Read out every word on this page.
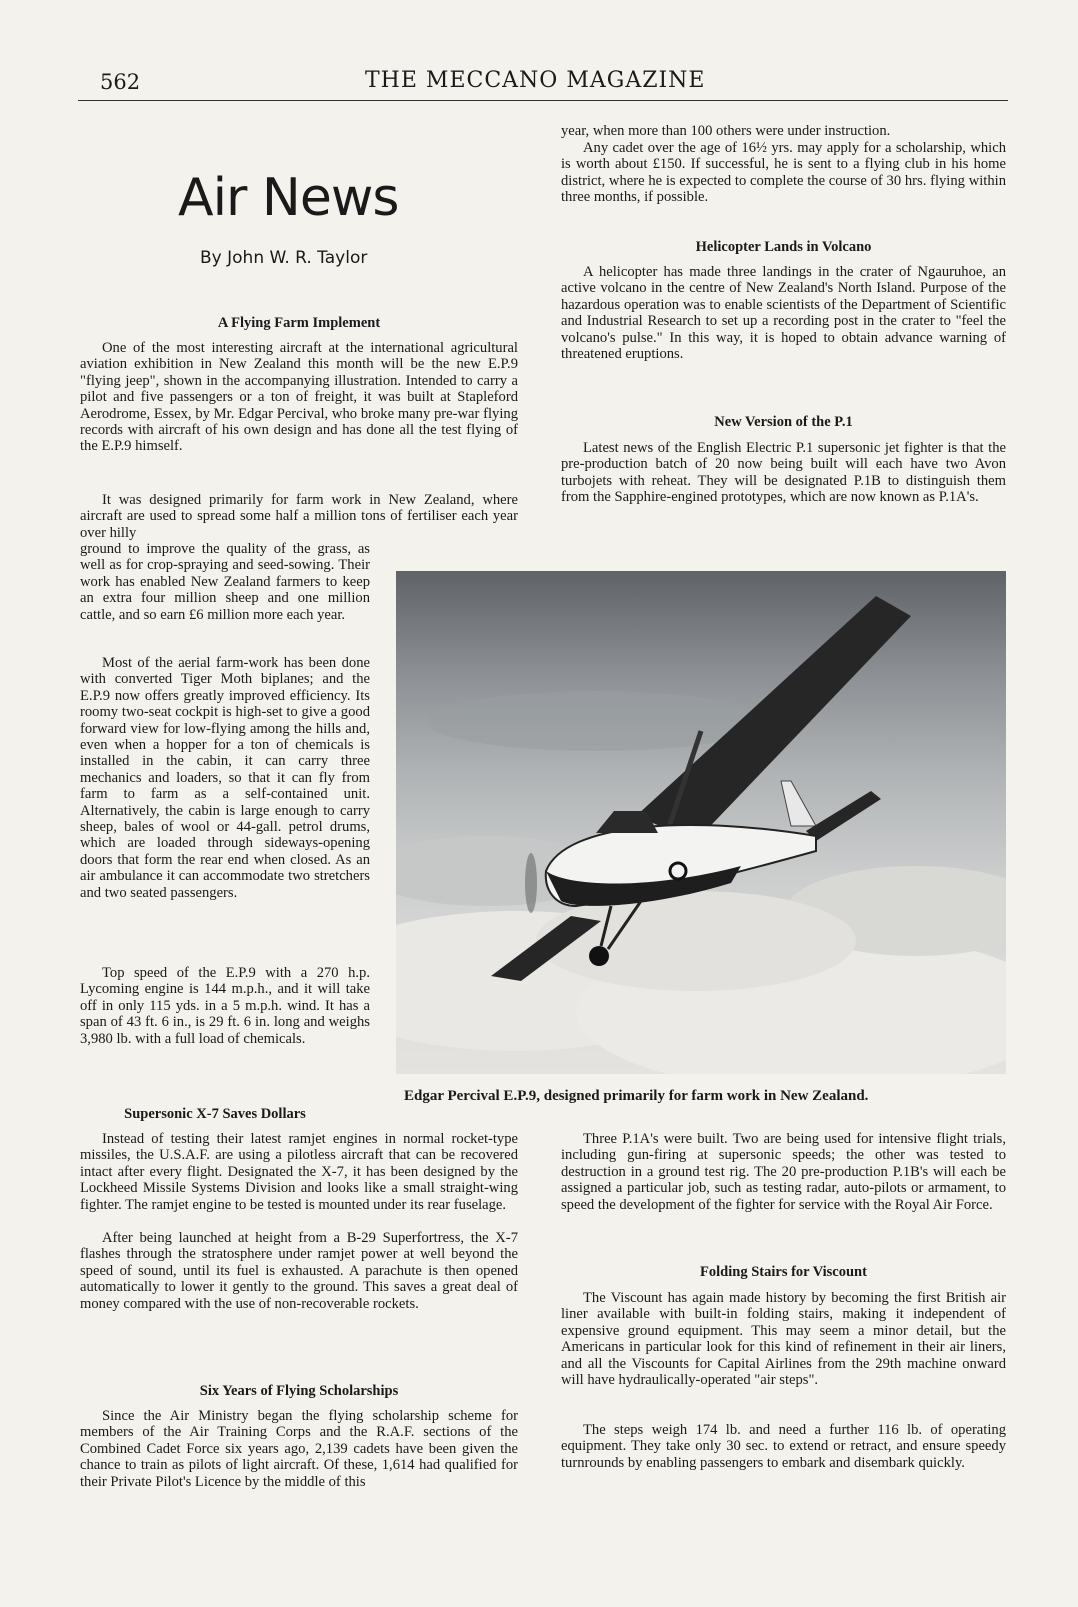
562	THE MECCANO MAGAZINE
Air News
By John W. R. Taylor
A Flying Farm Implement

One of the most interesting aircraft at the international agricultural aviation exhibition in New Zealand this month will be the new E.P.9 "flying jeep", shown in the accompanying illustration. Intended to carry a pilot and five passengers or a ton of freight, it was built at Stapleford Aerodrome, Essex, by Mr. Edgar Percival, who broke many pre-war flying records with aircraft of his own design and has done all the test flying of the E.P.9 himself.

It was designed primarily for farm work in New Zealand, where aircraft are used to spread some half a million tons of fertiliser each year over hilly

ground to improve the quality of the grass, as well as for crop-spraying and seed-sowing. Their work has enabled New Zealand farmers to keep an extra four million sheep and one million cattle, and so earn £6 million more each year.

Most of the aerial farm-work has been done with converted Tiger Moth biplanes; and the E.P.9 now offers greatly improved efficiency. Its roomy two-seat cockpit is high-set to give a good forward view for low-flying among the hills and, even when a hopper for a ton of chemicals is installed in the cabin, it can carry three mechanics and loaders, so that it can fly from farm to farm as a self-contained unit. Alternatively, the cabin is large enough to carry sheep, bales of wool or 44-gall. petrol drums, which are loaded through sideways-opening doors that form the rear end when closed. As an air ambulance it can accommodate two stretchers and two seated passengers.

Top speed of the E.P.9 with a 270 h.p. Lycoming engine is 144 m.p.h., and it will take off in only 115 yds. in a 5 m.p.h. wind. It has a span of 43 ft. 6 in., is 29 ft. 6 in. long and weighs 3,980 lb. with a full load of chemicals.

Supersonic X-7 Saves Dollars

Instead of testing their latest ramjet engines in normal rocket-type missiles, the U.S.A.F. are using a pilotless aircraft that can be recovered intact after every flight. Designated the X-7, it has been designed by the Lockheed Missile Systems Division and looks like a small straight-wing fighter. The ramjet engine to be tested is mounted under its rear fuselage.

After being launched at height from a B-29 Superfortress, the X-7 flashes through the stratosphere under ramjet power at well beyond the speed of sound, until its fuel is exhausted. A parachute is then opened automatically to lower it gently to the ground. This saves a great deal of money compared with the use of non-recoverable rockets.

Six Years of Flying Scholarships

Since the Air Ministry began the flying scholarship scheme for members of the Air Training Corps and the R.A.F. sections of the Combined Cadet Force six years ago, 2,139 cadets have been given the chance to train as pilots of light aircraft. Of these, 1,614 had qualified for their Private Pilot's Licence by the middle of this

year, when more than 100 others were under instruction.

Any cadet over the age of 16½ yrs. may apply for a scholarship, which is worth about £150. If successful, he is sent to a flying club in his home district, where he is expected to complete the course of 30 hrs. flying within three months, if possible.

Helicopter Lands in Volcano

A helicopter has made three landings in the crater of Ngauruhoe, an active volcano in the centre of New Zealand's North Island. Purpose of the hazardous operation was to enable scientists of the Department of Scientific and Industrial Research to set up a recording post in the crater to "feel the volcano's pulse." In this way, it is hoped to obtain advance warning of threatened eruptions.

New Version of the P.1

Latest news of the English Electric P.1 supersonic jet fighter is that the pre-production batch of 20 now being built will each have two Avon turbojets with reheat. They will be designated P.1B to distinguish them from the Sapphire-engined prototypes, which are now known as P.1A's.

Edgar Percival E.P.9, designed primarily for farm work in New Zealand.

Three P.1A's were built. Two are being used for intensive flight trials, including gun-firing at supersonic speeds; the other was tested to destruction in a ground test rig. The 20 pre-production P.1B's will each be assigned a particular job, such as testing radar, auto-pilots or armament, to speed the development of the fighter for service with the Royal Air Force.

Folding Stairs for Viscount

The Viscount has again made history by becoming the first British air liner available with built-in folding stairs, making it independent of expensive ground equipment. This may seem a minor detail, but the Americans in particular look for this kind of refinement in their air liners, and all the Viscounts for Capital Airlines from the 29th machine onward will have hydraulically-operated "air steps".

The steps weigh 174 lb. and need a further 116 lb. of operating equipment. They take only 30 sec. to extend or retract, and ensure speedy turnrounds by enabling passengers to embark and disembark quickly.
